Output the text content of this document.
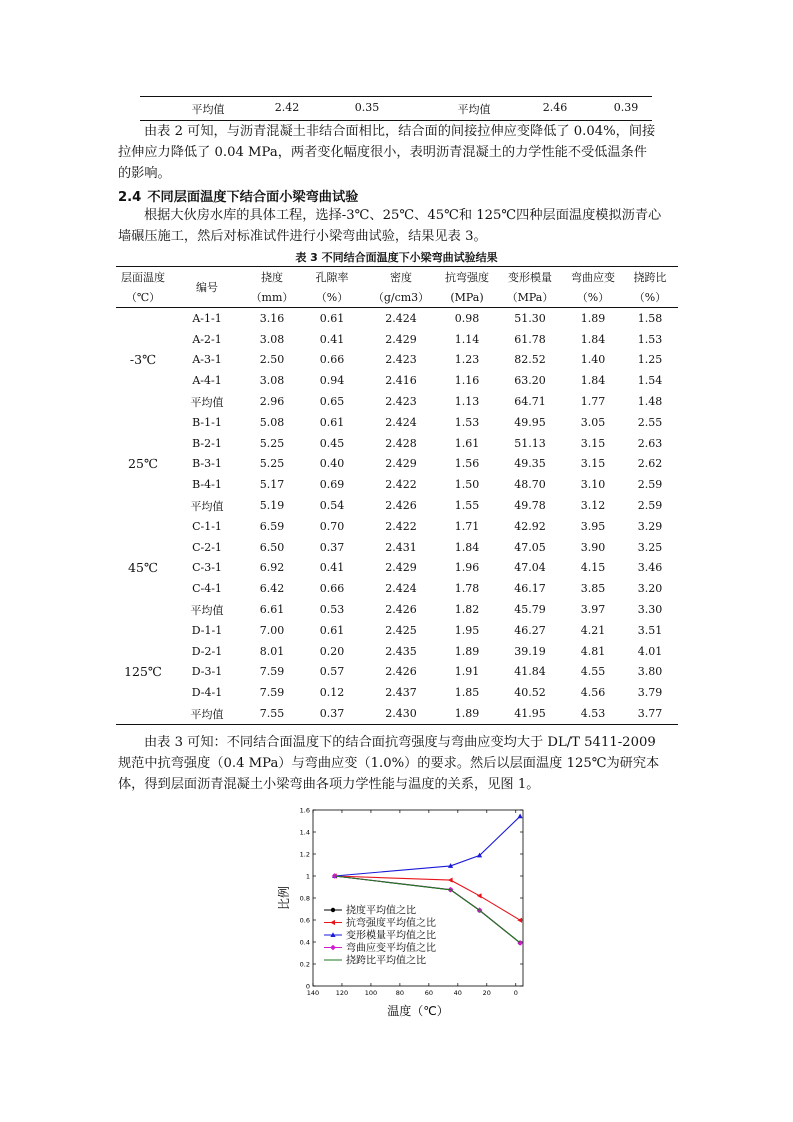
平均值	2.42	0.35	平均值	2.46	0.39
由表 2 可知，与沥青混凝土非结合面相比，结合面的间接拉伸应变降低了 0.04%，间接
拉伸应力降低了 0.04 MPa，两者变化幅度很小，表明沥青混凝土的力学性能不受低温条件
的影响。
2.4 不同层面温度下结合面小梁弯曲试验
根据大伙房水库的具体工程，选择-3℃、25℃、45℃和 125℃四种层面温度模拟沥青心
墙碾压施工，然后对标准试件进行小梁弯曲试验，结果见表 3。
表 3 不同结合面温度下小梁弯曲试验结果
层面温度	编号	挠度	孔隙率	密度	抗弯强度	变形模量	弯曲应变	挠跨比
（℃）		（mm）	（%）	（g/cm3）	(MPa)	（MPa）	（%）	（%）
-3℃	A-1-1	3.16	0.61	2.424	0.98	51.30	1.89	1.58
	A-2-1	3.08	0.41	2.429	1.14	61.78	1.84	1.53
	A-3-1	2.50	0.66	2.423	1.23	82.52	1.40	1.25
	A-4-1	3.08	0.94	2.416	1.16	63.20	1.84	1.54
	平均值	2.96	0.65	2.423	1.13	64.71	1.77	1.48
25℃	B-1-1	5.08	0.61	2.424	1.53	49.95	3.05	2.55
	B-2-1	5.25	0.45	2.428	1.61	51.13	3.15	2.63
	B-3-1	5.25	0.40	2.429	1.56	49.35	3.15	2.62
	B-4-1	5.17	0.69	2.422	1.50	48.70	3.10	2.59
	平均值	5.19	0.54	2.426	1.55	49.78	3.12	2.59
45℃	C-1-1	6.59	0.70	2.422	1.71	42.92	3.95	3.29
	C-2-1	6.50	0.37	2.431	1.84	47.05	3.90	3.25
	C-3-1	6.92	0.41	2.429	1.96	47.04	4.15	3.46
	C-4-1	6.42	0.66	2.424	1.78	46.17	3.85	3.20
	平均值	6.61	0.53	2.426	1.82	45.79	3.97	3.30
125℃	D-1-1	7.00	0.61	2.425	1.95	46.27	4.21	3.51
	D-2-1	8.01	0.20	2.435	1.89	39.19	4.81	4.01
	D-3-1	7.59	0.57	2.426	1.91	41.84	4.55	3.80
	D-4-1	7.59	0.12	2.437	1.85	40.52	4.56	3.79
	平均值	7.55	0.37	2.430	1.89	41.95	4.53	3.77
由表 3 可知：不同结合面温度下的结合面抗弯强度与弯曲应变均大于 DL/T 5411-2009
规范中抗弯强度（0.4 MPa）与弯曲应变（1.0%）的要求。然后以层面温度 125℃为研究本
体，得到层面沥青混凝土小梁弯曲各项力学性能与温度的关系，见图 1。
140	120	100	80	60	40	20	0
0
0.2
0.4
0.6
0.8
1
1.2
1.4
1.6
温度（℃）
比例
挠度平均值之比
抗弯强度平均值之比
变形模量平均值之比
弯曲应变平均值之比
挠跨比平均值之比
